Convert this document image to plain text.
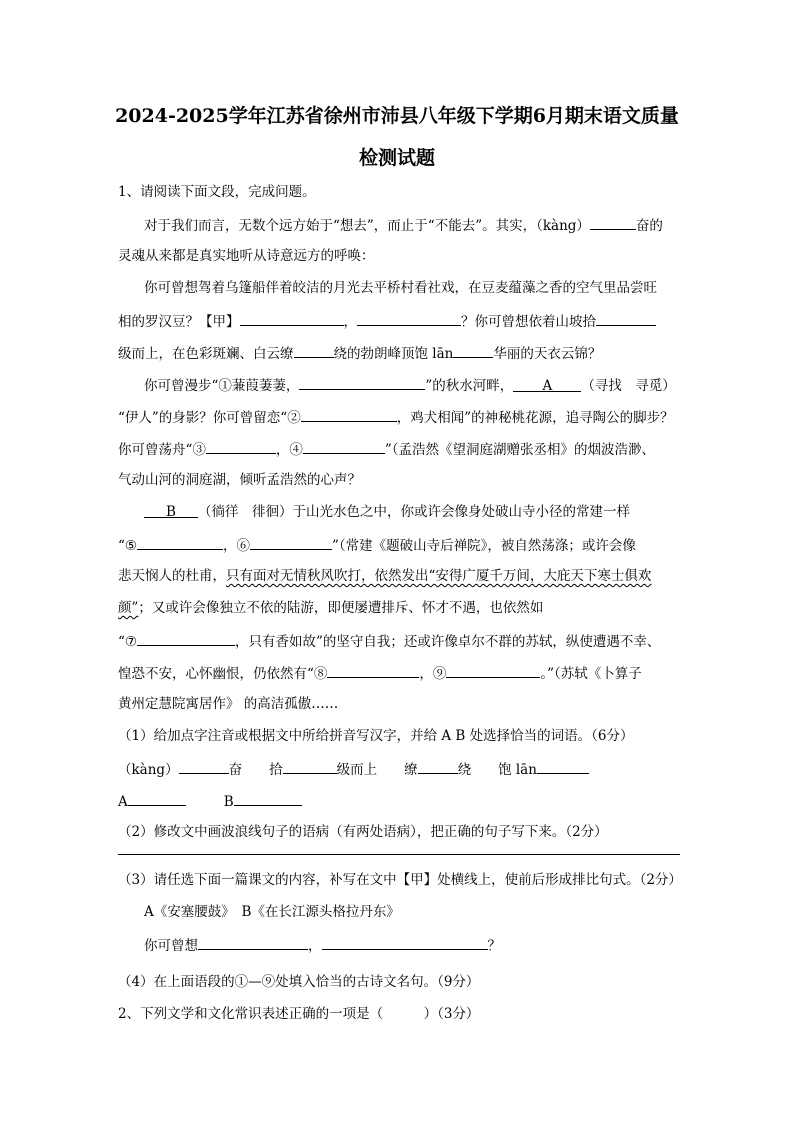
2024-2025学年江苏省徐州市沛县八年级下学期6月期末语文质量
检测试题
1、请阅读下面文段，完成问题。
对于我们而言，无数个远方始于“想去”，而止于“不能去”。其实，（kàng）	奋的
灵魂从来都是真实地听从诗意远方的呼唤：
你可曾想驾着乌篷船伴着皎洁的月光去平桥村看社戏，在豆麦蕴藻之香的空气里品尝旺
相的罗汉豆？【甲】	，	？你可曾想依着山坡拾
级而上，在色彩斑斓、白云缭	绕的勃朗峰顶饱 lān	华丽的天衣云锦？
你可曾漫步“①蒹葭萋萋，	”的秋水河畔， A （寻找　寻觅）
“伊人”的身影？你可曾留恋“②	，鸡犬相闻”的神秘桃花源，追寻陶公的脚步？
你可曾荡舟“③	，④	”（孟浩然《望洞庭湖赠张丞相》的烟波浩渺、
气动山河的洞庭湖，倾听孟浩然的心声？
B （徜徉　徘徊）于山光水色之中，你或许会像身处破山寺小径的常建一样
“⑤	，⑥	”（常建《题破山寺后禅院》，被自然荡涤；或许会像
悲天悯人的杜甫，只有面对无情秋风吹打，依然发出“安得广厦千万间，大庇天下寒士俱欢
颜”；又或许会像独立不依的陆游，即便屡遭排斥、怀才不遇，也依然如
“⑦	，只有香如故”的坚守自我；还或许像卓尔不群的苏轼，纵使遭遇不幸、
惶恐不安，心怀幽恨，仍依然有“⑧	，⑨	。”（苏轼《卜算子
黄州定慧院寓居作》 的高洁孤傲……
（1）给加点字注音或根据文中所给拼音写汉字，并给 A B 处选择恰当的词语。（6分）
（kàng）	奋　　拾	级而上　　缭	绕　　饱 lān
A	B
（2）修改文中画波浪线句子的语病（有两处语病），把正确的句子写下来。（2分）
（3）请任选下面一篇课文的内容，补写在文中【甲】处横线上，使前后形成排比句式。（2分）
A《安塞腰鼓》　B《在长江源头格拉丹东》
你可曾想	，	？
（4）在上面语段的①—⑨处填入恰当的古诗文名句。（9分）
2、下列文学和文化常识表述正确的一项是（　　　）（3分）
